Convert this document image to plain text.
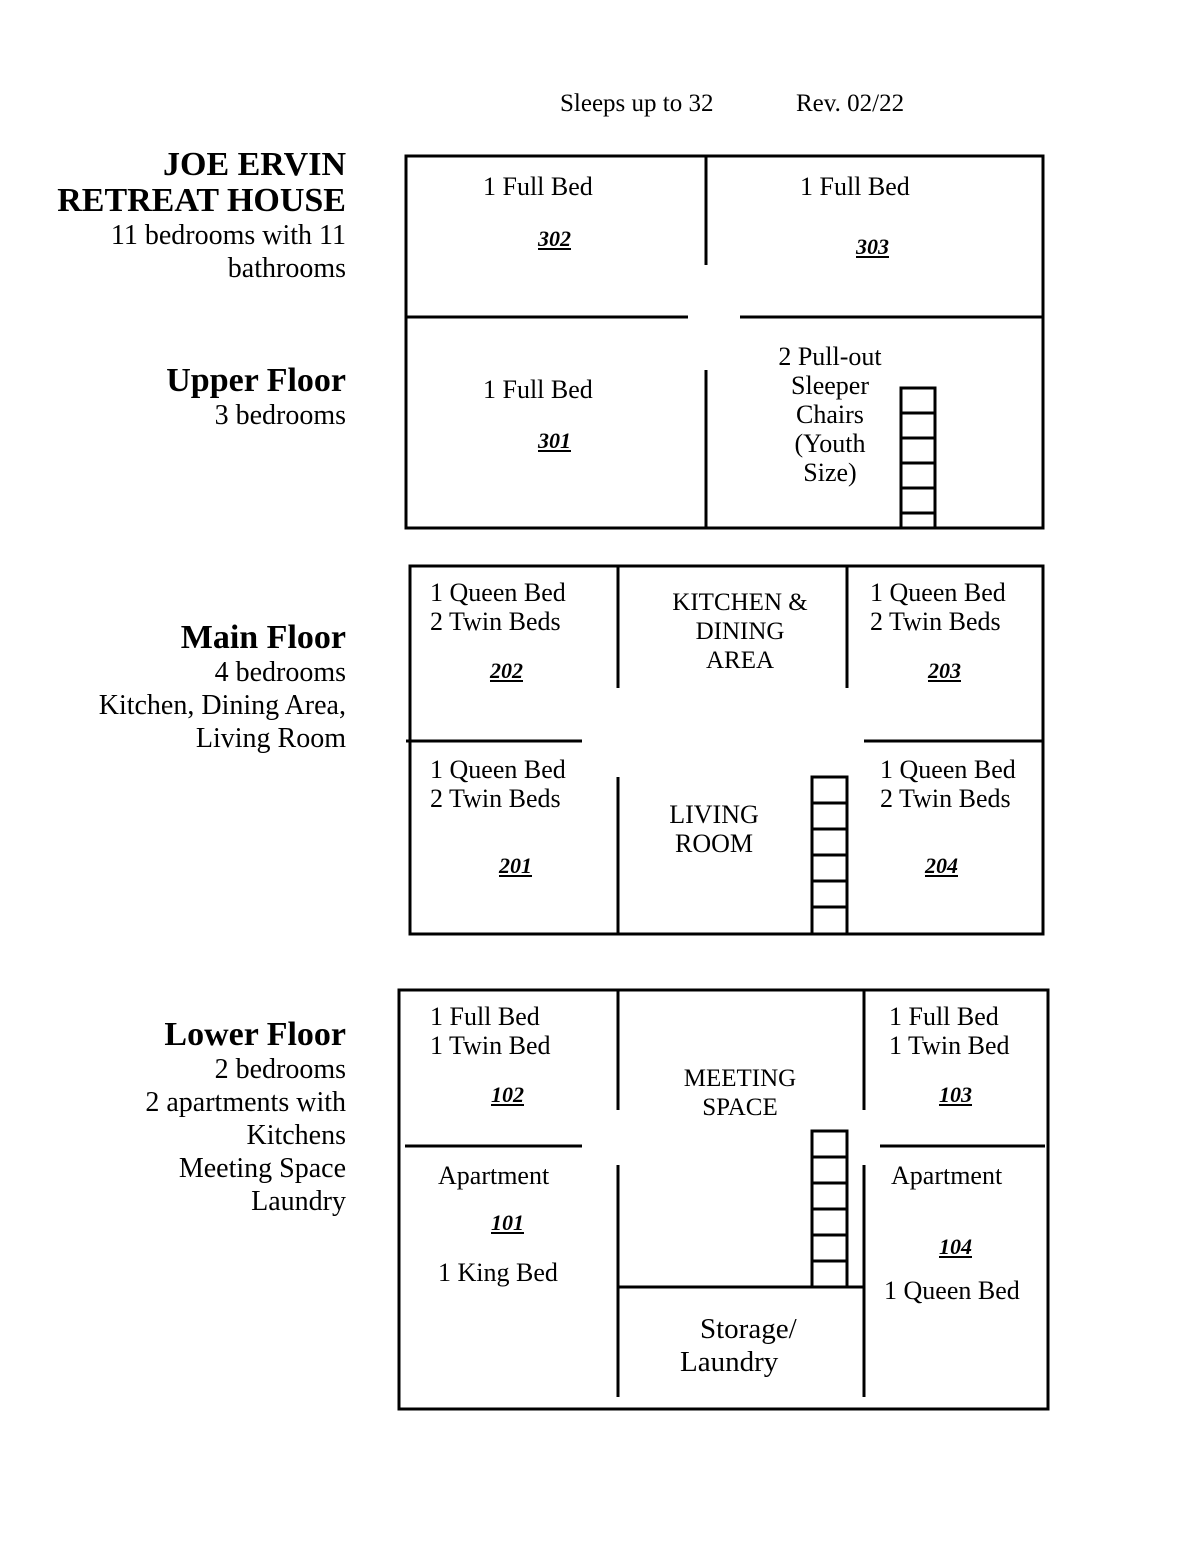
Sleeps up to 32	Rev. 02/22
JOE ERVIN
RETREAT HOUSE
11 bedrooms with 11
bathrooms
Upper Floor
3 bedrooms
Main Floor
4 bedrooms
Kitchen, Dining Area,
Living Room
Lower Floor
2 bedrooms
2 apartments with
Kitchens
Meeting Space
Laundry
1 Full Bed
302
1 Full Bed
303
1 Full Bed
301
2 Pull-out
Sleeper
Chairs
(Youth
Size)
1 Queen Bed
2 Twin Beds
202
KITCHEN &
DINING
AREA
1 Queen Bed
2 Twin Beds
203
1 Queen Bed
2 Twin Beds
201
LIVING
ROOM
1 Queen Bed
2 Twin Beds
204
1 Full Bed
1 Twin Bed
102
MEETING
SPACE
1 Full Bed
1 Twin Bed
103
Apartment
101
1 King Bed
Apartment
104
1 Queen Bed
Storage/
Laundry
